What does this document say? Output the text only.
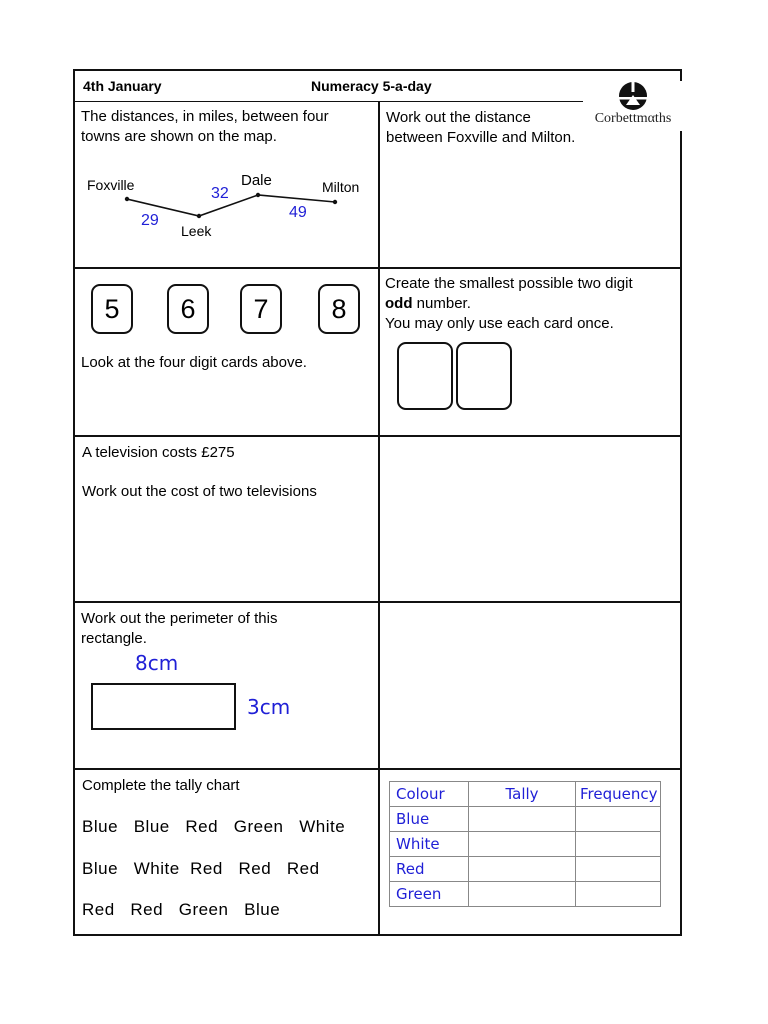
4th January	Numeracy 5-a-day
Corbettmαths
The distances, in miles, between four
towns are shown on the map.
Foxville
Leek
Dale	Milton
29
32
49
Work out the distance
between Foxville and Milton.
5	6	7	8
Look at the four digit cards above.
Create the smallest possible two digit
odd number.
You may only use each card once.
A television costs £275
Work out the cost of two televisions
Work out the perimeter of this
rectangle.
8cm
3cm
Complete the tally chart
Blue Blue Red Green White
Blue White Red Red Red
Red Red Green Blue
Colour	Tally	Frequency
Blue		
White		
Red		
Green		
